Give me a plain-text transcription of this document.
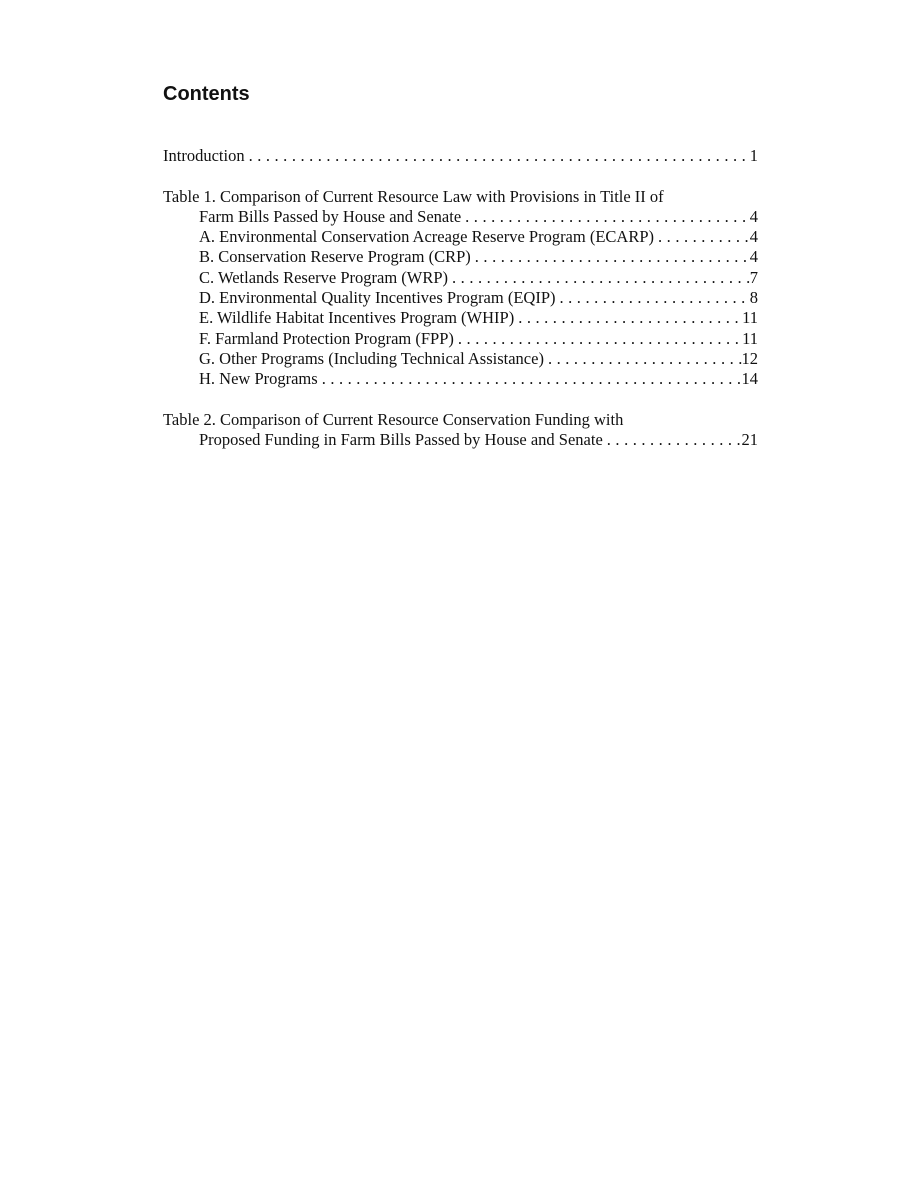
Contents
Introduction . . .	1
Table 1. Comparison of Current Resource Law with Provisions in Title II of
Farm Bills Passed by House and Senate . . .	4
A. Environmental Conservation Acreage Reserve Program (ECARP) . . .	4
B. Conservation Reserve Program (CRP) . . .	4
C. Wetlands Reserve Program (WRP) . . .	7
D. Environmental Quality Incentives Program (EQIP) . . .	8
E. Wildlife Habitat Incentives Program (WHIP) . . .	11
F. Farmland Protection Program (FPP) . . .	11
G. Other Programs (Including Technical Assistance) . . .	12
H. New Programs . . .	14
Table 2. Comparison of Current Resource Conservation Funding with
Proposed Funding in Farm Bills Passed by House and Senate . . .	21
